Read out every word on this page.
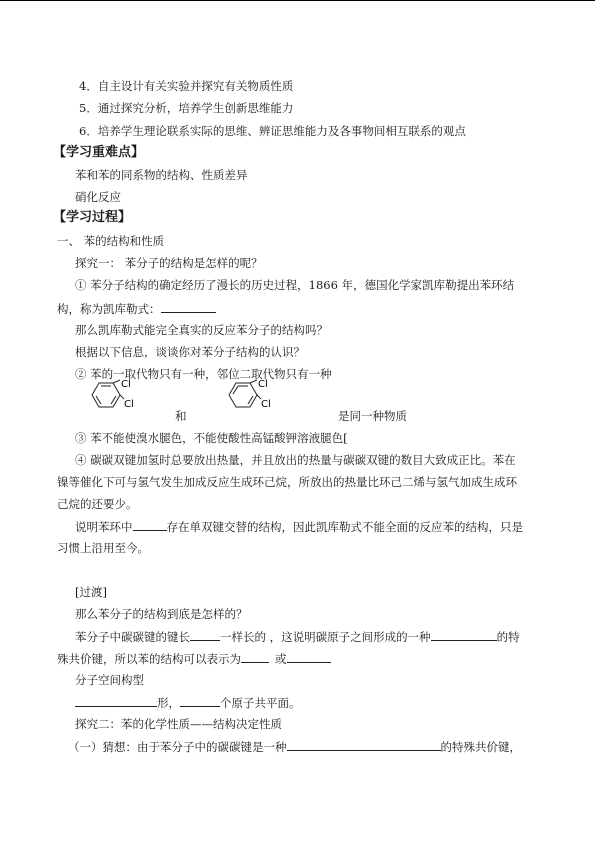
4．自主设计有关实验并探究有关物质性质
5．通过探究分析，培养学生创新思维能力
6．培养学生理论联系实际的思维、辨证思维能力及各事物间相互联系的观点
【学习重难点】
苯和苯的同系物的结构、性质差异
硝化反应
【学习过程】
一、 苯的结构和性质
探究一： 苯分子的结构是怎样的呢？
① 苯分子结构的确定经历了漫长的历史过程，1866 年，德国化学家凯库勒提出苯环结
构，称为凯库勒式：
那么凯库勒式能完全真实的反应苯分子的结构吗？
根据以下信息，谈谈你对苯分子结构的认识？
② 苯的一取代物只有一种，邻位二取代物只有一种
Cl
Cl
Cl
Cl
和	是同一种物质
③ 苯不能使溴水腿色，不能使酸性高锰酸钾溶液腿色[
④ 碳碳双键加氢时总要放出热量，并且放出的热量与碳碳双键的数目大致成正比。苯在
镍等催化下可与氢气发生加成反应生成环己烷，所放出的热量比环己二烯与氢气加成生成环
己烷的还要少。
说明苯环中	存在单双键交替的结构，因此凯库勒式不能全面的反应苯的结构，只是
习惯上沿用至今。
[过渡]
那么苯分子的结构到底是怎样的？
苯分子中碳碳键的键长	一样长的 ，这说明碳原子之间形成的一种	的特
殊共价键，所以苯的结构可以表示为	或
分子空间构型
形，	个原子共平面。
探究二：苯的化学性质——结构决定性质
（一）猜想：由于苯分子中的碳碳键是一种	的特殊共价键，
